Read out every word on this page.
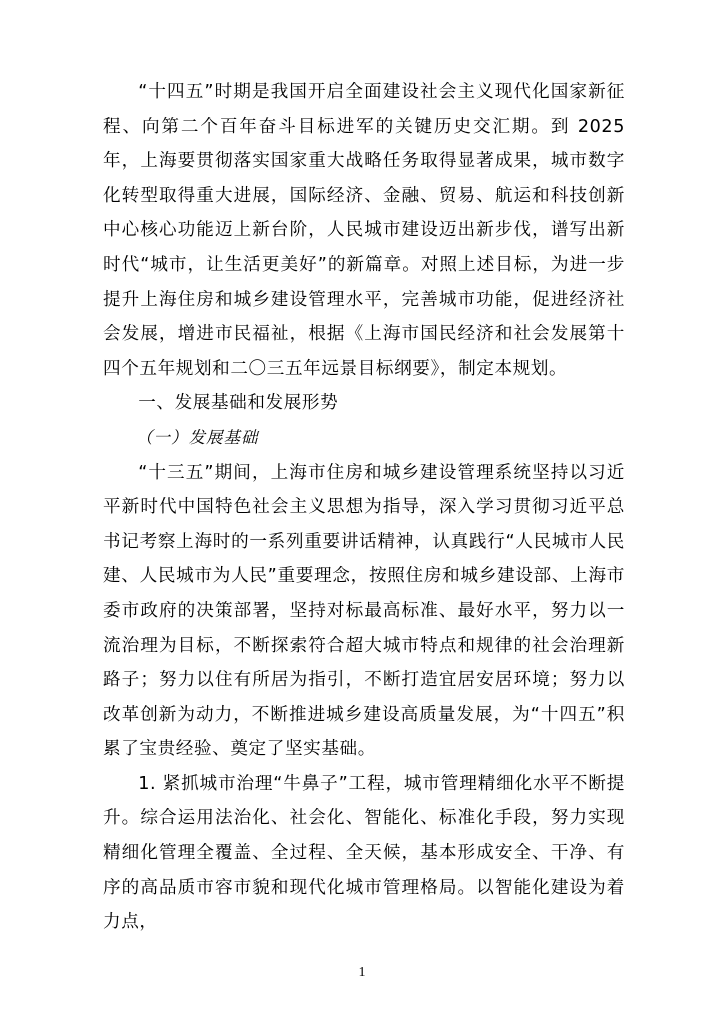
“十四五”时期是我国开启全面建设社会主义现代化国家新征程、向第二个百年奋斗目标进军的关键历史交汇期。到 2025 年，上海要贯彻落实国家重大战略任务取得显著成果，城市数字化转型取得重大进展，国际经济、金融、贸易、航运和科技创新中心核心功能迈上新台阶，人民城市建设迈出新步伐，谱写出新时代“城市，让生活更美好”的新篇章。对照上述目标，为进一步提升上海住房和城乡建设管理水平，完善城市功能，促进经济社会发展，增进市民福祉，根据《上海市国民经济和社会发展第十四个五年规划和二〇三五年远景目标纲要》，制定本规划。

一、发展基础和发展形势

（一）发展基础

“十三五”期间，上海市住房和城乡建设管理系统坚持以习近平新时代中国特色社会主义思想为指导，深入学习贯彻习近平总书记考察上海时的一系列重要讲话精神，认真践行“人民城市人民建、人民城市为人民”重要理念，按照住房和城乡建设部、上海市委市政府的决策部署，坚持对标最高标准、最好水平，努力以一流治理为目标，不断探索符合超大城市特点和规律的社会治理新路子；努力以住有所居为指引，不断打造宜居安居环境；努力以改革创新为动力，不断推进城乡建设高质量发展，为“十四五”积累了宝贵经验、奠定了坚实基础。

1. 紧抓城市治理“牛鼻子”工程，城市管理精细化水平不断提升。综合运用法治化、社会化、智能化、标准化手段，努力实现精细化管理全覆盖、全过程、全天候，基本形成安全、干净、有序的高品质市容市貌和现代化城市管理格局。以智能化建设为着力点，

1
